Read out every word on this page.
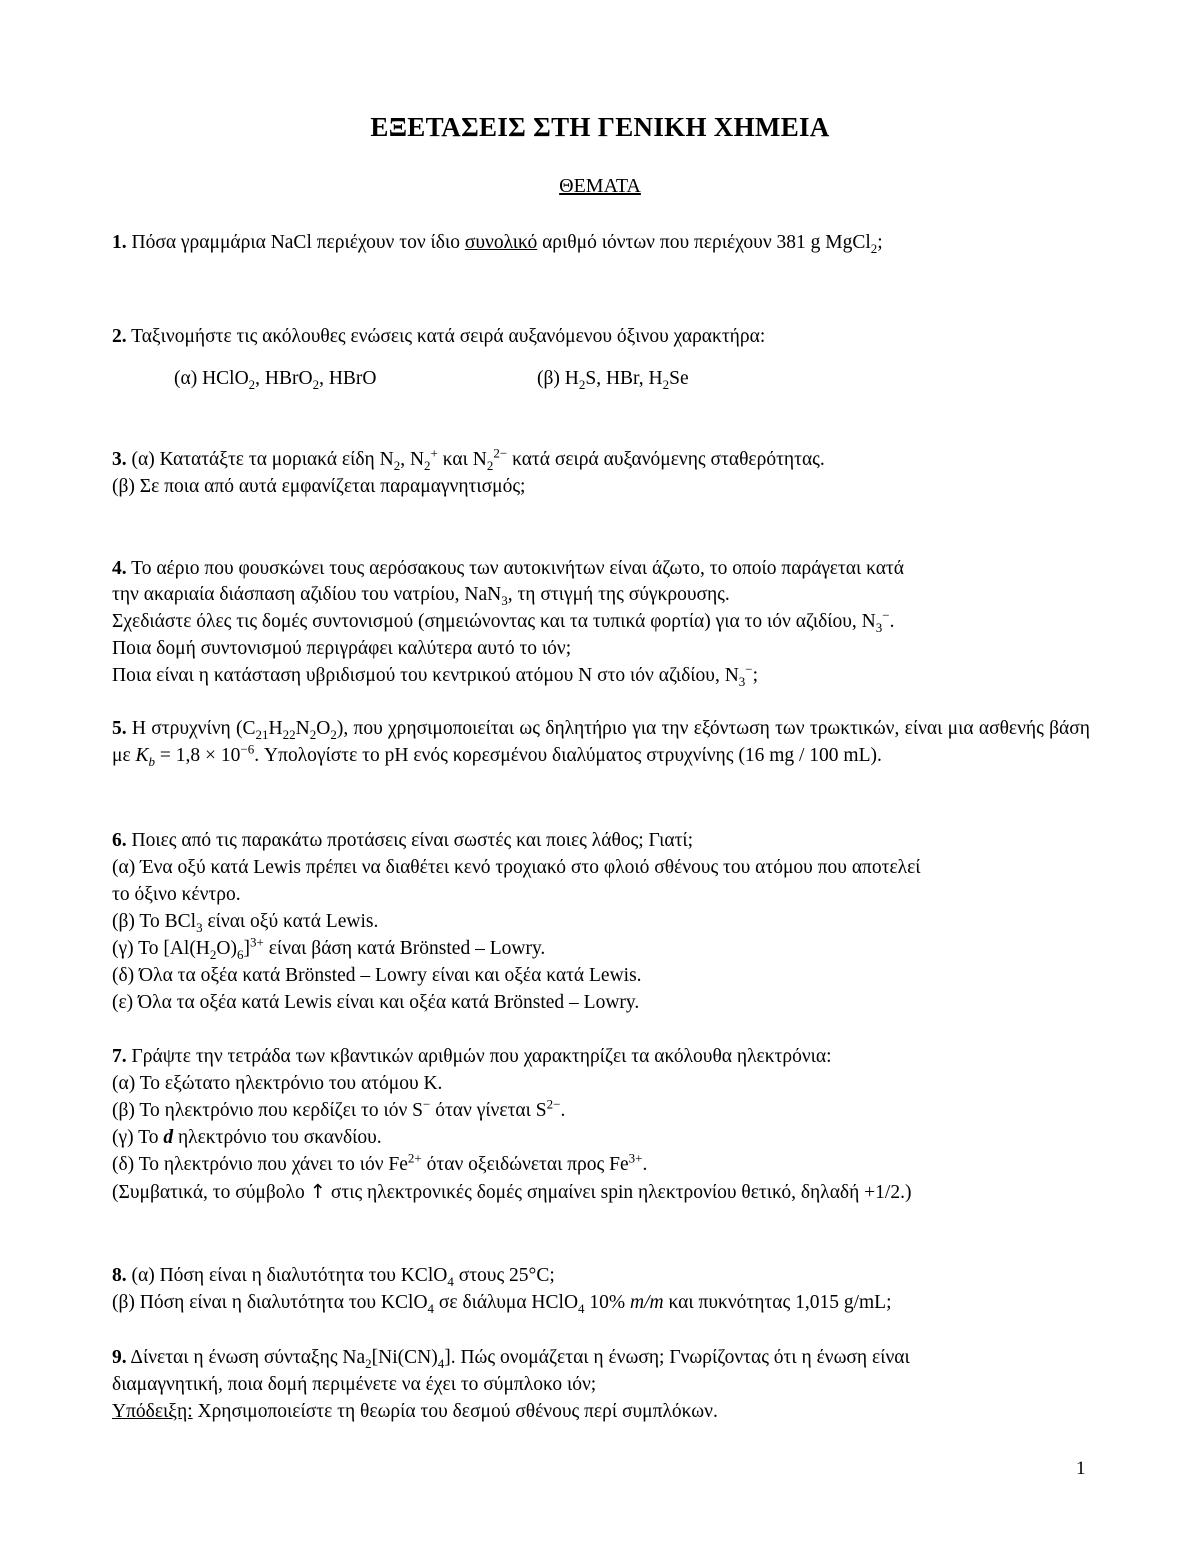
ΕΞΕΤΑΣΕΙΣ ΣΤΗ ΓΕΝΙΚΗ ΧΗΜΕΙΑ
ΘΕΜΑΤΑ
1. Πόσα γραμμάρια NaCl περιέχουν τον ίδιο συνολικό αριθμό ιόντων που περιέχουν 381 g MgCl$_2$;
2. Ταξινομήστε τις ακόλουθες ενώσεις κατά σειρά αυξανόμενου όξινου χαρακτήρα:
(α) HClO$_2$, HBrO$_2$, HBrO	(β) $H_2S$, HBr, $H_2Se$
3. (α) Κατατάξτε τα μοριακά είδη $N_2$, $N_2^+$ και $N_2^{2-}$ κατά σειρά αυξανόμενης σταθερότητας.
(β) Σε ποια από αυτά εμφανίζεται παραμαγνητισμός;
4. Το αέριο που φουσκώνει τους αερόσακους των αυτοκινήτων είναι άζωτο, το οποίο παράγεται κατά
την ακαριαία διάσπαση αζιδίου του νατρίου, NaN$_3$, τη στιγμή της σύγκρουσης.
Σχεδιάστε όλες τις δομές συντονισμού (σημειώνοντας και τα τυπικά φορτία) για το ιόν αζιδίου, $N_3^-$.
Ποια δομή συντονισμού περιγράφει καλύτερα αυτό το ιόν;
Ποια είναι η κατάσταση υβριδισμού του κεντρικού ατόμου N στο ιόν αζιδίου, $N_3^-$;
5. Η στρυχνίνη $(C_{21}H_{22}N_2O_2)$, που χρησιμοποιείται ως δηλητήριο για την εξόντωση των τρωκτικών, είναι μια ασθενής βάση με $K_b = 1,8 \times 10^{-6}$. Υπολογίστε το pH ενός κορεσμένου διαλύματος στρυχνίνης (16 mg / 100 mL).
6. Ποιες από τις παρακάτω προτάσεις είναι σωστές και ποιες λάθος; Γιατί;
(α) Ένα οξύ κατά Lewis πρέπει να διαθέτει κενό τροχιακό στο φλοιό σθένους του ατόμου που αποτελεί
το όξινο κέντρο.
(β) Το BCl$_3$ είναι οξύ κατά Lewis.
(γ) Το $[Al(H_2O)_6]^{3+}$ είναι βάση κατά Brönsted – Lowry.
(δ) Όλα τα οξέα κατά Brönsted – Lowry είναι και οξέα κατά Lewis.
(ε) Όλα τα οξέα κατά Lewis είναι και οξέα κατά Brönsted – Lowry.
7. Γράψτε την τετράδα των κβαντικών αριθμών που χαρακτηρίζει τα ακόλουθα ηλεκτρόνια:
(α) Το εξώτατο ηλεκτρόνιο του ατόμου K.
(β) Το ηλεκτρόνιο που κερδίζει το ιόν S− όταν γίνεται $S^{2-}$.
(γ) Το d ηλεκτρόνιο του σκανδίου.
(δ) Το ηλεκτρόνιο που χάνει το ιόν $Fe^{2+}$ όταν οξειδώνεται προς $Fe^{3+}$.
(Συμβατικά, το σύμβολο ↑ στις ηλεκτρονικές δομές σημαίνει spin ηλεκτρονίου θετικό, δηλαδή +1/2.)
8. (α) Πόση είναι η διαλυτότητα του KClO$_4$ στους 25°C;
(β) Πόση είναι η διαλυτότητα του KClO$_4$ σε διάλυμα HClO$_4$ 10% m/m και πυκνότητας 1,015 g/mL;
9. Δίνεται η ένωση σύνταξης $Na_2[Ni(CN)_4]$. Πώς ονομάζεται η ένωση; Γνωρίζοντας ότι η ένωση είναι
διαμαγνητική, ποια δομή περιμένετε να έχει το σύμπλοκο ιόν;
Υπόδειξη: Χρησιμοποιείστε τη θεωρία του δεσμού σθένους περί συμπλόκων.
1
